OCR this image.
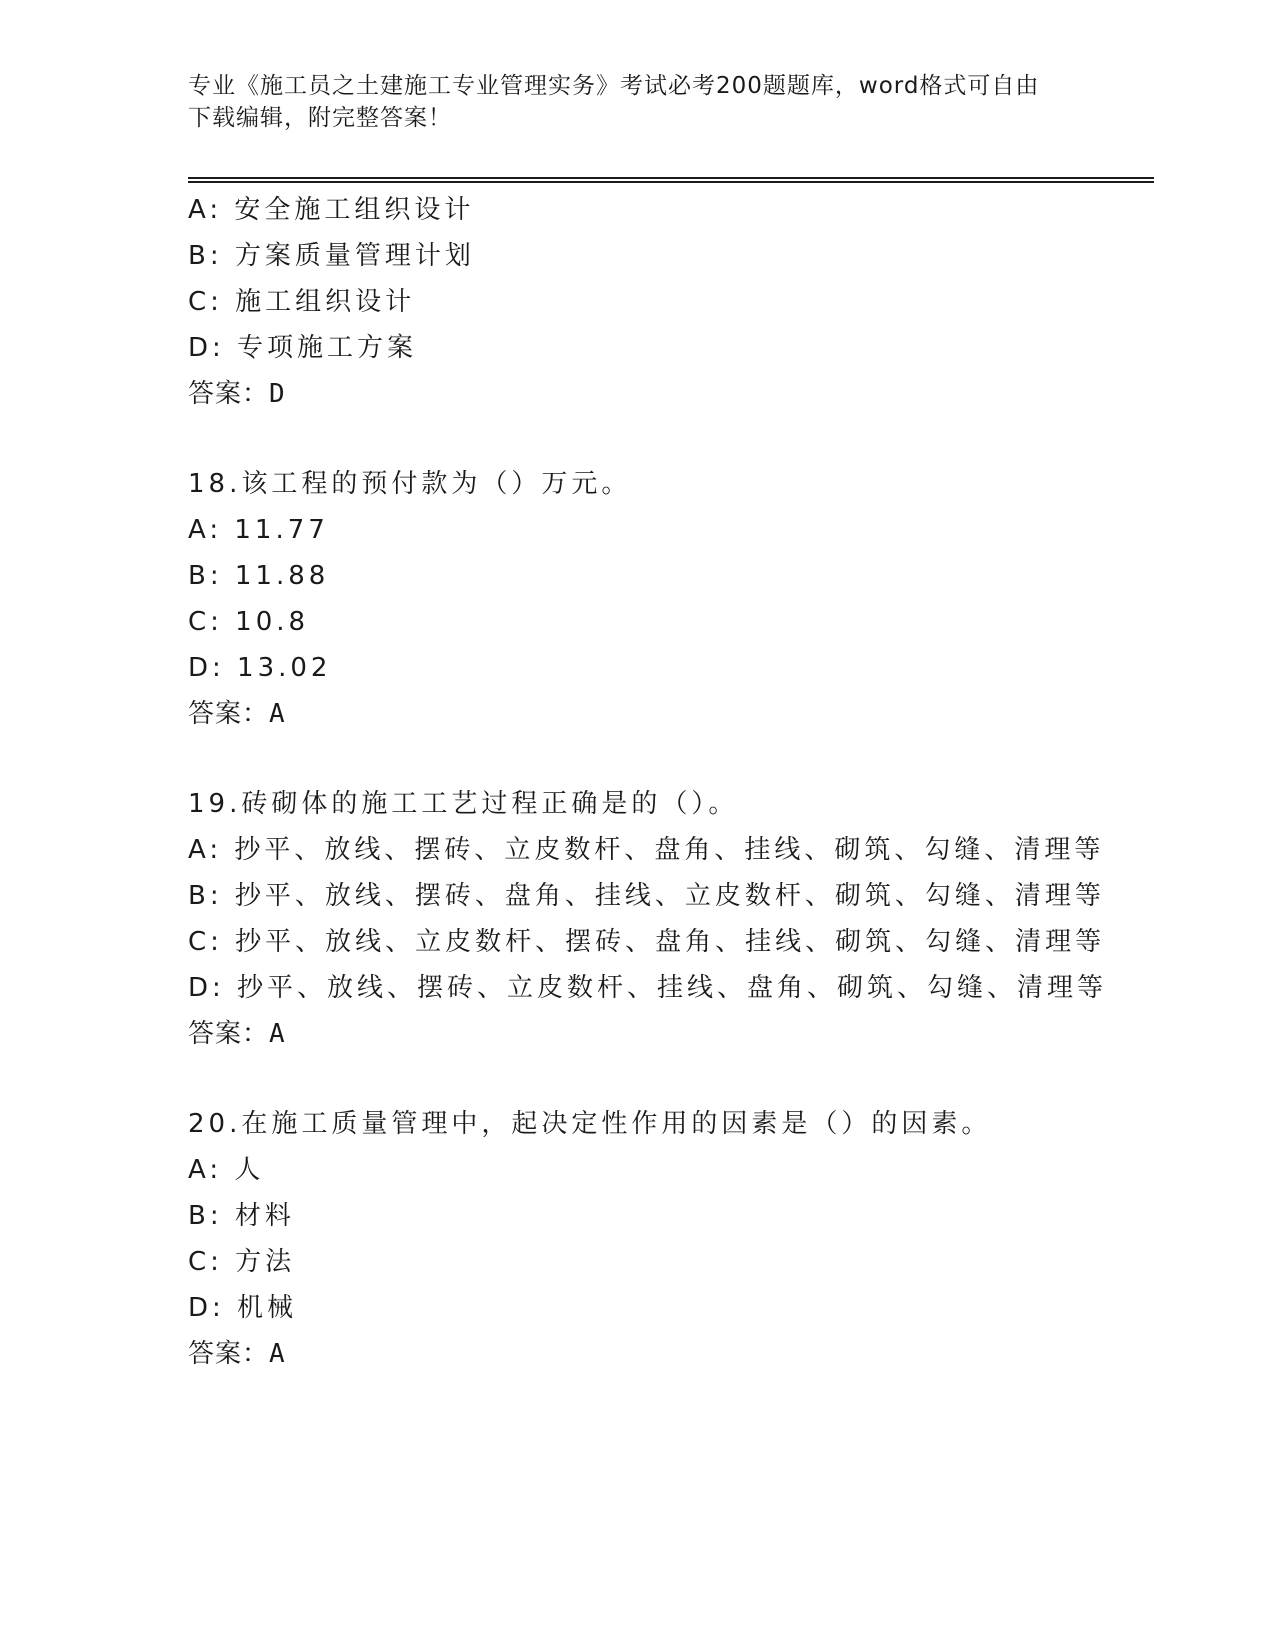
专业《施工员之土建施工专业管理实务》考试必考200题题库，word格式可自由
下载编辑，附完整答案！
A: 安全施工组织设计
B: 方案质量管理计划
C: 施工组织设计
D: 专项施工方案
答案：D
18.该工程的预付款为（）万元。
A: 11.77
B: 11.88
C: 10.8
D: 13.02
答案：A
19.砖砌体的施工工艺过程正确是的（）。
A: 抄平、放线、摆砖、立皮数杆、盘角、挂线、砌筑、勾缝、清理等
B: 抄平、放线、摆砖、盘角、挂线、立皮数杆、砌筑、勾缝、清理等
C: 抄平、放线、立皮数杆、摆砖、盘角、挂线、砌筑、勾缝、清理等
D: 抄平、放线、摆砖、立皮数杆、挂线、盘角、砌筑、勾缝、清理等
答案：A
20.在施工质量管理中，起决定性作用的因素是（）的因素。
A: 人
B: 材料
C: 方法
D: 机械
答案：A
